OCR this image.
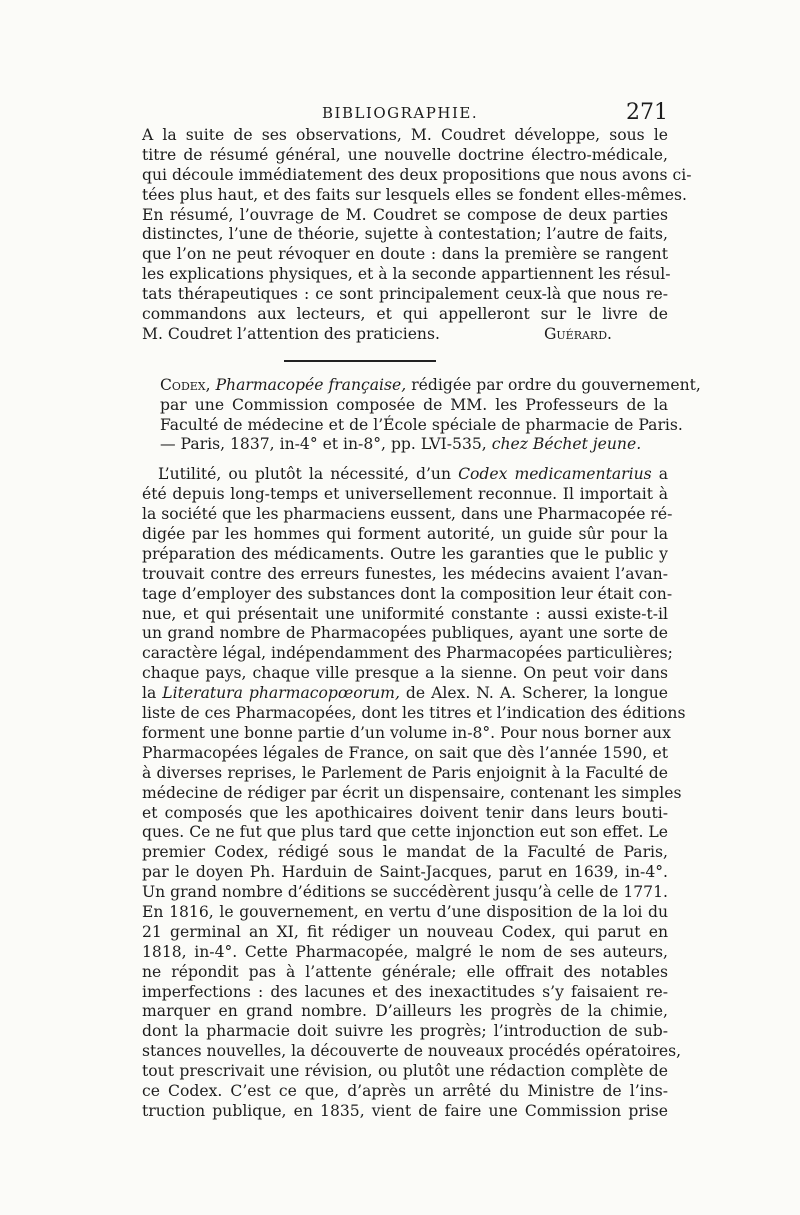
BIBLIOGRAPHIE.	271
A la suite de ses observations, M. Coudret développe, sous le
titre de résumé général, une nouvelle doctrine électro-médicale,
qui découle immédiatement des deux propositions que nous avons ci-
tées plus haut, et des faits sur lesquels elles se fondent elles-mêmes.
En résumé, l’ouvrage de M. Coudret se compose de deux parties
distinctes, l’une de théorie, sujette à contestation; l’autre de faits,
que l’on ne peut révoquer en doute : dans la première se rangent
les explications physiques, et à la seconde appartiennent les résul-
tats thérapeutiques : ce sont principalement ceux-là que nous re-
commandons aux lecteurs, et qui appelleront sur le livre de
M. Coudret l’attention des praticiens.	Guérard.
Codex, Pharmacopée française, rédigée par ordre du gouvernement,
par une Commission composée de MM. les Professeurs de la
Faculté de médecine et de l’École spéciale de pharmacie de Paris.
— Paris, 1837, in-4° et in-8°, pp. LVI-535, chez Béchet jeune.
L’utilité, ou plutôt la nécessité, d’un Codex medicamentarius a
été depuis long-temps et universellement reconnue. Il importait à
la société que les pharmaciens eussent, dans une Pharmacopée ré-
digée par les hommes qui forment autorité, un guide sûr pour la
préparation des médicaments. Outre les garanties que le public y
trouvait contre des erreurs funestes, les médecins avaient l’avan-
tage d’employer des substances dont la composition leur était con-
nue, et qui présentait une uniformité constante : aussi existe-t-il
un grand nombre de Pharmacopées publiques, ayant une sorte de
caractère légal, indépendamment des Pharmacopées particulières;
chaque pays, chaque ville presque a la sienne. On peut voir dans
la Literatura pharmacopœorum, de Alex. N. A. Scherer, la longue
liste de ces Pharmacopées, dont les titres et l’indication des éditions
forment une bonne partie d’un volume in-8°. Pour nous borner aux
Pharmacopées légales de France, on sait que dès l’année 1590, et
à diverses reprises, le Parlement de Paris enjoignit à la Faculté de
médecine de rédiger par écrit un dispensaire, contenant les simples
et composés que les apothicaires doivent tenir dans leurs bouti-
ques. Ce ne fut que plus tard que cette injonction eut son effet. Le
premier Codex, rédigé sous le mandat de la Faculté de Paris,
par le doyen Ph. Harduin de Saint-Jacques, parut en 1639, in-4°.
Un grand nombre d’éditions se succédèrent jusqu’à celle de 1771.
En 1816, le gouvernement, en vertu d’une disposition de la loi du
21 germinal an XI, fit rédiger un nouveau Codex, qui parut en
1818, in-4°. Cette Pharmacopée, malgré le nom de ses auteurs,
ne répondit pas à l’attente générale; elle offrait des notables
imperfections : des lacunes et des inexactitudes s’y faisaient re-
marquer en grand nombre. D’ailleurs les progrès de la chimie,
dont la pharmacie doit suivre les progrès; l’introduction de sub-
stances nouvelles, la découverte de nouveaux procédés opératoires,
tout prescrivait une révision, ou plutôt une rédaction complète de
ce Codex. C’est ce que, d’après un arrêté du Ministre de l’ins-
truction publique, en 1835, vient de faire une Commission prise
